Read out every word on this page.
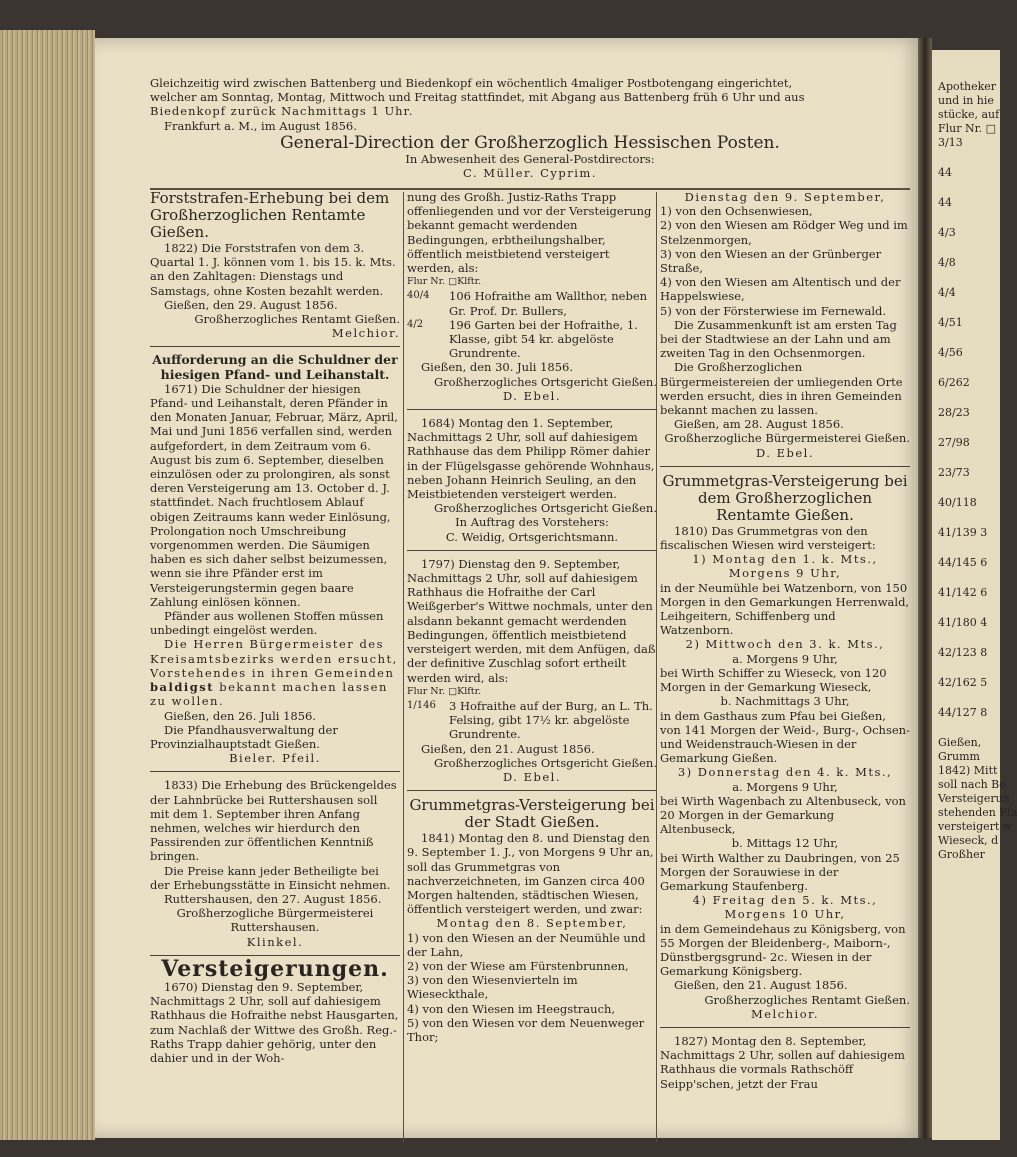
Gleichzeitig wird zwischen Battenberg und Biedenkopf ein wöchentlich 4maliger Postbotengang eingerichtet,

welcher am Sonntag, Montag, Mittwoch und Freitag stattfindet, mit Abgang aus Battenberg früh 6 Uhr und aus

Biedenkopf zurück Nachmittags 1 Uhr.

Frankfurt a. M., im August 1856.

General-Direction der Großherzoglich Hessischen Posten.

In Abwesenheit des General-Postdirectors:

C. Müller. Cyprim.

Forststrafen-Erhebung bei dem Großherzoglichen Rentamte Gießen.

1822) Die Forststrafen von dem 3. Quartal 1. J. können vom 1. bis 15. k. Mts. an den Zahltagen: Dienstags und Samstags, ohne Kosten bezahlt werden.

Gießen, den 29. August 1856.

Großherzogliches Rentamt Gießen.

Melchior.

Aufforderung an die Schuldner der hiesigen Pfand- und Leihanstalt.

1671) Die Schuldner der hiesigen Pfand- und Leihanstalt, deren Pfänder in den Monaten Januar, Februar, März, April, Mai und Juni 1856 verfallen sind, werden aufgefordert, in dem Zeitraum vom 6. August bis zum 6. September, dieselben einzulösen oder zu prolongiren, als sonst deren Versteigerung am 13. October d. J. stattfindet. Nach fruchtlosem Ablauf obigen Zeitraums kann weder Einlösung, Prolongation noch Umschreibung vorgenommen werden. Die Säumigen haben es sich daher selbst beizumessen, wenn sie ihre Pfänder erst im Versteigerungstermin gegen baare Zahlung einlösen können.

Pfänder aus wollenen Stoffen müssen unbedingt eingelöst werden.

Die Herren Bürgermeister des Kreisamtsbezirks werden ersucht, Vorstehendes in ihren Gemeinden baldigst bekannt machen lassen zu wollen.

Gießen, den 26. Juli 1856.

Die Pfandhausverwaltung der Provinzialhauptstadt Gießen.

Bieler. Pfeil.

1833) Die Erhebung des Brückengeldes der Lahnbrücke bei Ruttershausen soll mit dem 1. September ihren Anfang nehmen, welches wir hierdurch den Passirenden zur öffentlichen Kenntniß bringen.

Die Preise kann jeder Betheiligte bei der Erhebungsstätte in Einsicht nehmen.

Ruttershausen, den 27. August 1856.

Großherzogliche Bürgermeisterei Ruttershausen.

Klinkel.

Versteigerungen.

1670) Dienstag den 9. September, Nachmittags 2 Uhr, soll auf dahiesigem Rathhaus die Hofraithe nebst Hausgarten, zum Nachlaß der Wittwe des Großh. Reg.-Raths Trapp dahier gehörig, unter den dahier und in der Woh-

nung des Großh. Justiz-Raths Trapp offenliegenden und vor der Versteigerung bekannt gemacht werdenden Bedingungen, erbtheilungshalber, öffentlich meistbietend versteigert werden, als:

Flur Nr. □Klftr.

40/4	106 Hofraithe am Wallthor, neben Gr. Prof. Dr. Bullers,
4/2	196 Garten bei der Hofraithe, 1. Klasse, gibt 54 kr. abgelöste Grundrente.

Gießen, den 30. Juli 1856.

Großherzogliches Ortsgericht Gießen.

D. Ebel.

1684) Montag den 1. September, Nachmittags 2 Uhr, soll auf dahiesigem Rathhause das dem Philipp Römer dahier in der Flügelsgasse gehörende Wohnhaus, neben Johann Heinrich Seuling, an den Meistbietenden versteigert werden.

Großherzogliches Ortsgericht Gießen.

In Auftrag des Vorstehers:

C. Weidig, Ortsgerichtsmann.

1797) Dienstag den 9. September, Nachmittags 2 Uhr, soll auf dahiesigem Rathhaus die Hofraithe der Carl Weißgerber's Wittwe nochmals, unter den alsdann bekannt gemacht werdenden Bedingungen, öffentlich meistbietend versteigert werden, mit dem Anfügen, daß der definitive Zuschlag sofort ertheilt werden wird, als:

Flur Nr. □Klftr.

1/146	3 Hofraithe auf der Burg, an L. Th. Felsing, gibt 17½ kr. abgelöste Grundrente.

Gießen, den 21. August 1856.

Großherzogliches Ortsgericht Gießen.

D. Ebel.

Grummetgras-Versteigerung bei der Stadt Gießen.

1841) Montag den 8. und Dienstag den 9. September 1. J., von Morgens 9 Uhr an, soll das Grummetgras von nachverzeichneten, im Ganzen circa 400 Morgen haltenden, städtischen Wiesen, öffentlich versteigert werden, und zwar:

Montag den 8. September,

1) von den Wiesen an der Neumühle und der Lahn,

2) von der Wiese am Fürstenbrunnen,

3) von den Wiesenvierteln im Wieseckthale,

4) von den Wiesen im Heegstrauch,

5) von den Wiesen vor dem Neuenweger Thor;

Dienstag den 9. September,

1) von den Ochsenwiesen,

2) von den Wiesen am Rödger Weg und im Stelzenmorgen,

3) von den Wiesen an der Grünberger Straße,

4) von den Wiesen am Altentisch und der Happelswiese,

5) von der Försterwiese im Fernewald.

Die Zusammenkunft ist am ersten Tag bei der Stadtwiese an der Lahn und am zweiten Tag in den Ochsenmorgen.

Die Großherzoglichen Bürgermeistereien der umliegenden Orte werden ersucht, dies in ihren Gemeinden bekannt machen zu lassen.

Gießen, am 28. August 1856.

Großherzogliche Bürgermeisterei Gießen.

D. Ebel.

Grummetgras-Versteigerung bei dem Großherzoglichen Rentamte Gießen.

1810) Das Grummetgras von den fiscalischen Wiesen wird versteigert:

1) Montag den 1. k. Mts., Morgens 9 Uhr,

in der Neumühle bei Watzenborn, von 150 Morgen in den Gemarkungen Herrenwald, Leihgeitern, Schiffenberg und Watzenborn.

2) Mittwoch den 3. k. Mts.,

a. Morgens 9 Uhr,

bei Wirth Schiffer zu Wieseck, von 120 Morgen in der Gemarkung Wieseck,

b. Nachmittags 3 Uhr,

in dem Gasthaus zum Pfau bei Gießen, von 141 Morgen der Weid-, Burg-, Ochsen- und Weidenstrauch-Wiesen in der Gemarkung Gießen.

3) Donnerstag den 4. k. Mts.,

a. Morgens 9 Uhr,

bei Wirth Wagenbach zu Altenbuseck, von 20 Morgen in der Gemarkung Altenbuseck,

b. Mittags 12 Uhr,

bei Wirth Walther zu Daubringen, von 25 Morgen der Sorauwiese in der Gemarkung Staufenberg.

4) Freitag den 5. k. Mts., Morgens 10 Uhr,

in dem Gemeindehaus zu Königsberg, von 55 Morgen der Bleidenberg-, Maiborn-, Dünstbergsgrund- 2c. Wiesen in der Gemarkung Königsberg.

Gießen, den 21. August 1856.

Großherzogliches Rentamt Gießen.

Melchior.

1827) Montag den 8. September, Nachmittags 2 Uhr, sollen auf dahiesigem Rathhaus die vormals Rathschöff Seipp'schen, jetzt der Frau

Apotheker
und in hie
stücke, auf
Flur Nr. □
3/13
44
44
4/3
4/8
4/4
4/51
4/56
6/262
28/23
27/98
23/73
40/118
41/139 3
44/145 6
41/142 6
41/180 4
42/123 8
42/162 5
44/127 8
Gießen,
Grumm
1842) Mitt
soll nach Be
Versteigerun
stehenden Pfa
versteigert w
Wieseck, d
Großher
